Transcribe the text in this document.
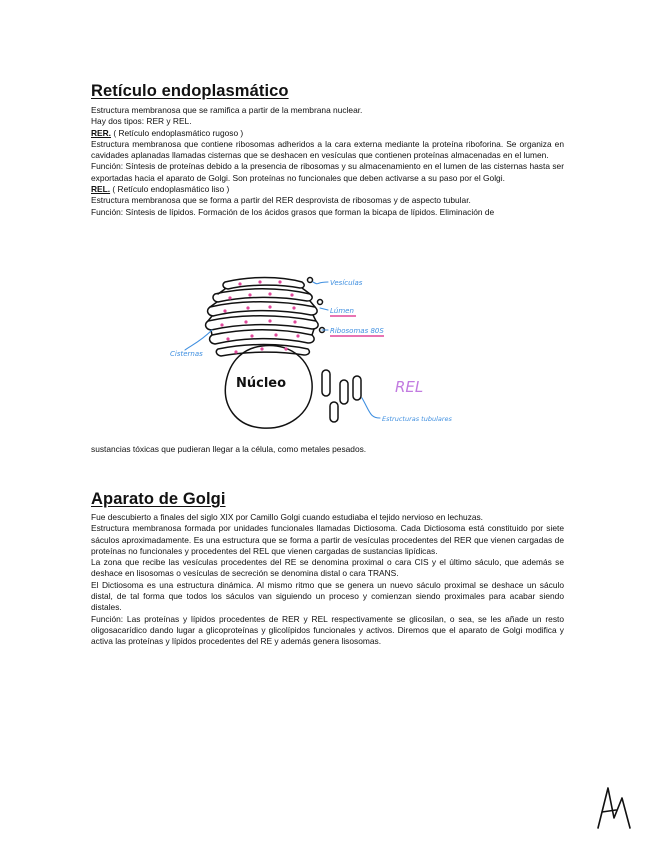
Retículo endoplasmático

Estructura membranosa que se ramifica a partir de la membrana nuclear.

Hay dos tipos: RER y REL.

RER. ( Retículo endoplasmático rugoso )

Estructura membranosa que contiene ribosomas adheridos a la cara externa mediante la proteína riboforina. Se organiza en cavidades aplanadas llamadas cisternas que se deshacen en vesículas que contienen proteínas almacenadas en el lumen.

Función: Síntesis de proteínas debido a la presencia de ribosomas y su almacenamiento en el lumen de las cisternas hasta ser exportadas hacia el aparato de Golgi. Son proteínas no funcionales que deben activarse a su paso por el Golgi.

REL. ( Retículo endoplasmático liso )

Estructura membranosa que se forma a partir del RER desprovista de ribosomas y de aspecto tubular.

Función: Síntesis de lípidos. Formación de los ácidos grasos que forman la bicapa de lípidos. Eliminación de

Vesículas
Lúmen
Ribosomas 80S
Cisternas
Núcleo	REL
Estructuras tubulares

sustancias tóxicas que pudieran llegar a la célula, como metales pesados.

Aparato de Golgi

Fue descubierto a finales del siglo XIX por Camillo Golgi cuando estudiaba el tejido nervioso en lechuzas.

Estructura membranosa formada por unidades funcionales llamadas Dictiosoma. Cada Dictiosoma está constituido por siete sáculos aproximadamente. Es una estructura que se forma a partir de vesículas procedentes del RER que vienen cargadas de proteínas no funcionales y procedentes del REL que vienen cargadas de sustancias lipídicas.

La zona que recibe las vesículas procedentes del RE se denomina proximal o cara CIS y el último sáculo, que además se deshace en lisosomas o vesículas de secreción se denomina distal o cara TRANS.

El Dictiosoma es una estructura dinámica. Al mismo ritmo que se genera un nuevo sáculo proximal se deshace un sáculo distal, de tal forma que todos los sáculos van siguiendo un proceso y comienzan siendo proximales para acabar siendo distales.

Función: Las proteínas y lípidos procedentes de RER y REL respectivamente se glicosilan, o sea, se les añade un resto oligosacarídico dando lugar a glicoproteínas y glicolípidos funcionales y activos. Diremos que el aparato de Golgi modifica y activa las proteínas y lípidos procedentes del RE y además genera lisosomas.
